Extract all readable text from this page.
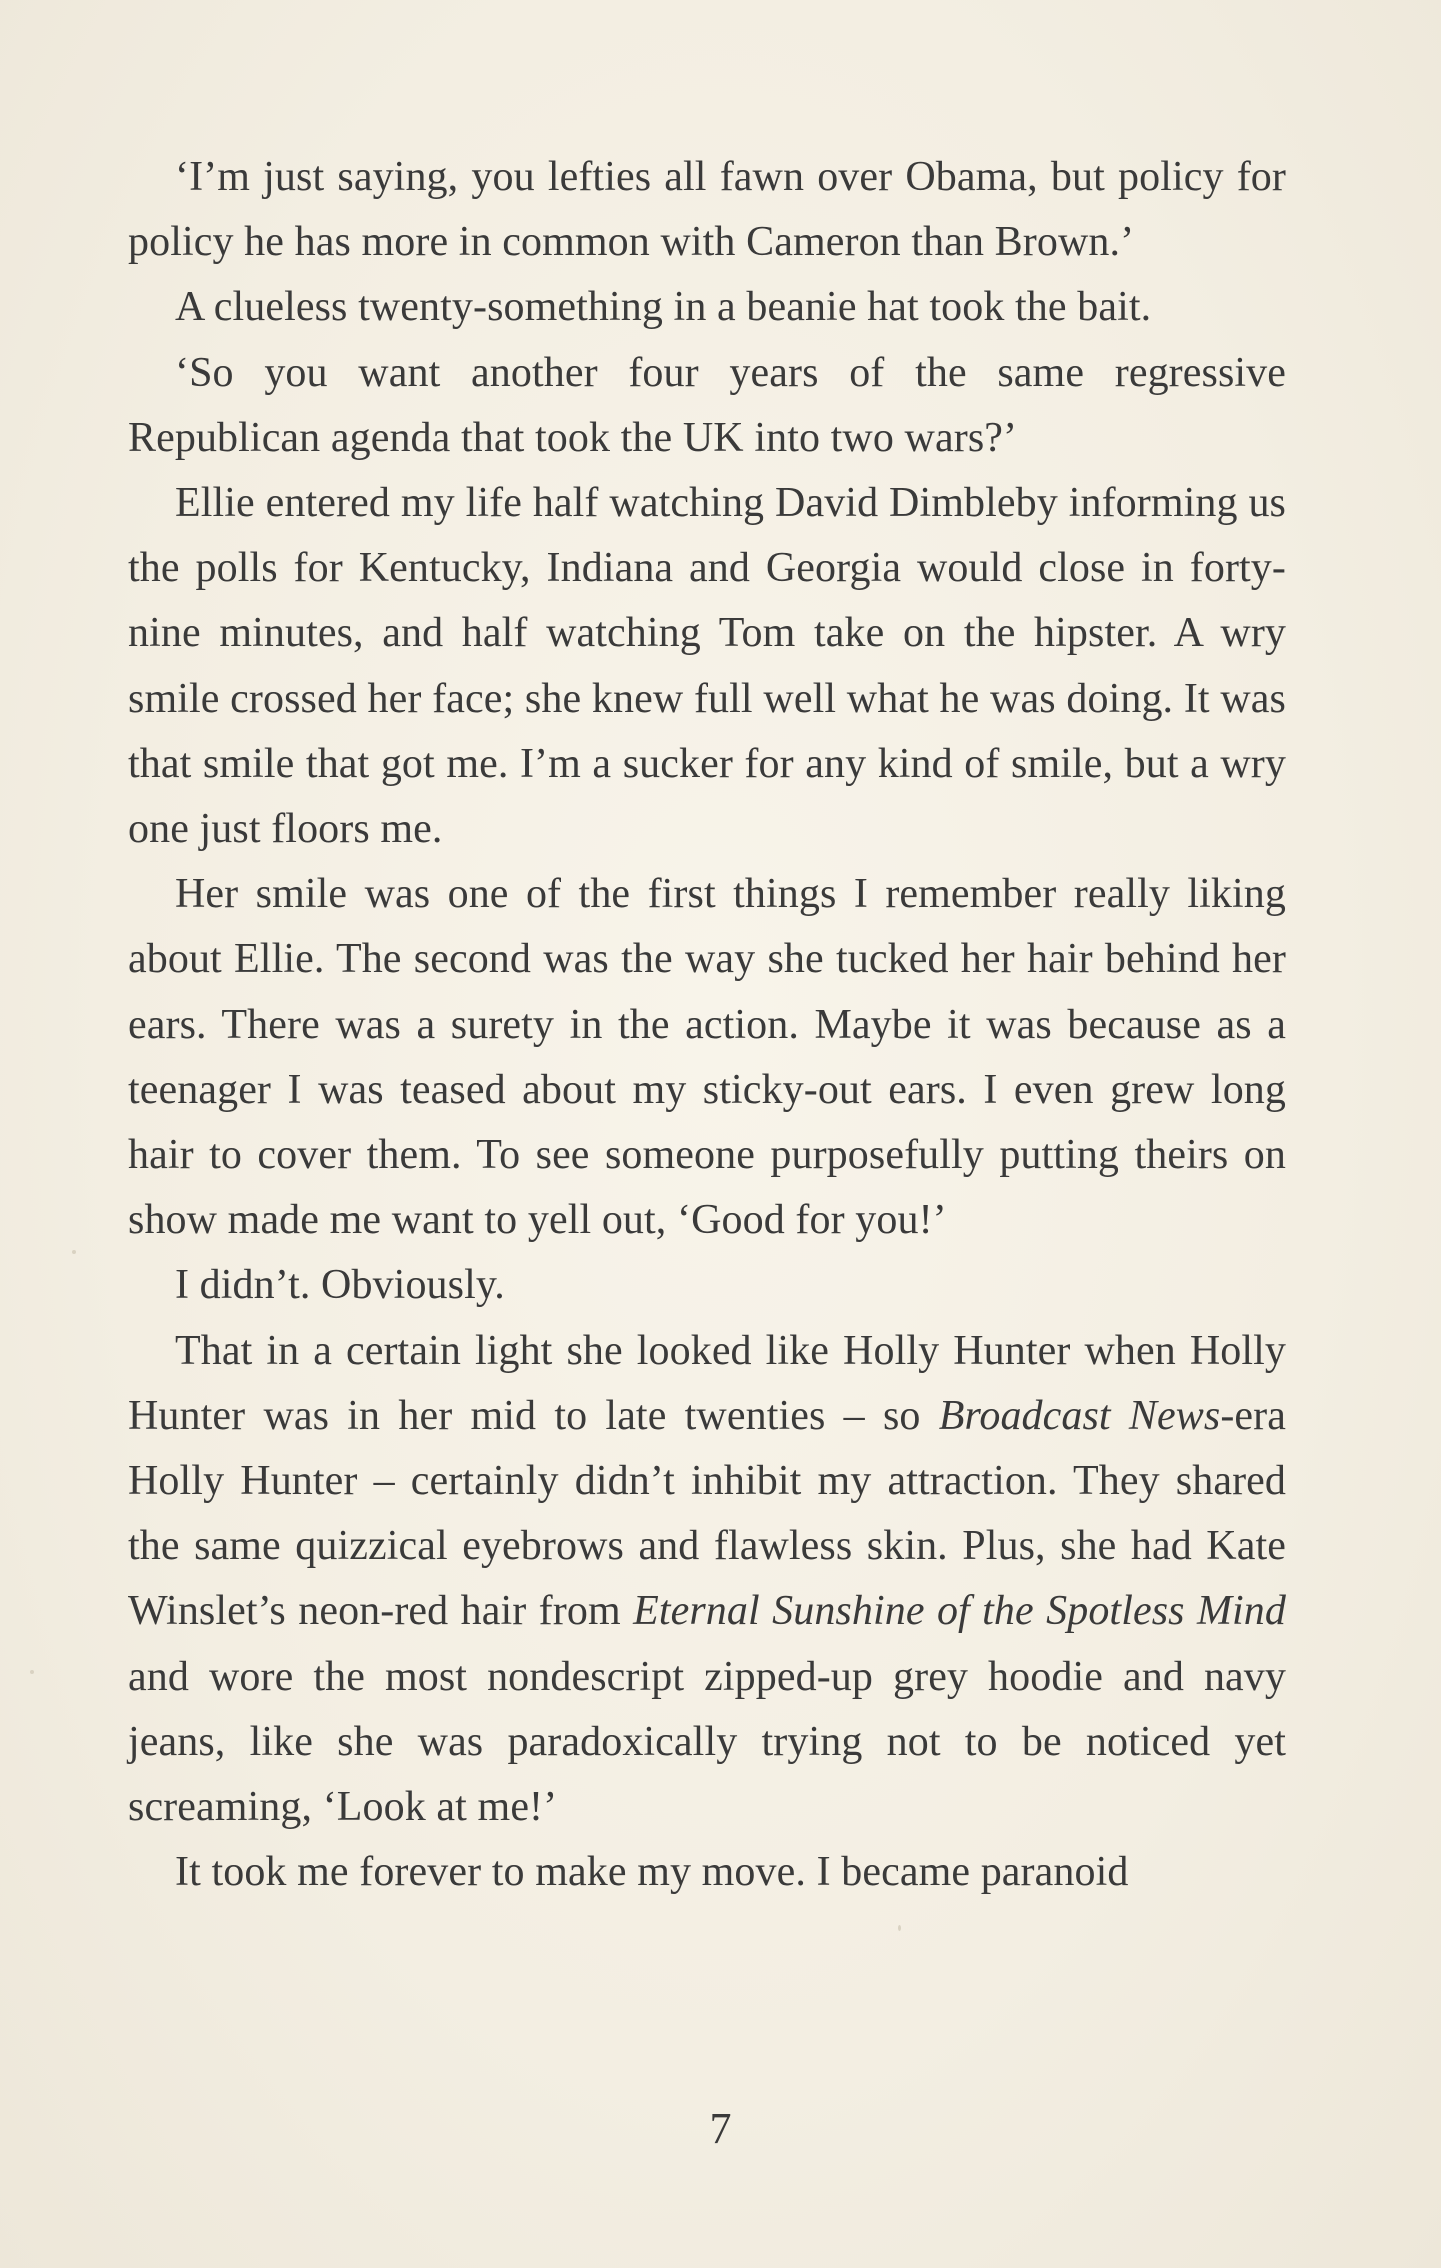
‘I’m just saying, you lefties all fawn over Obama, but policy for policy he has more in common with Cameron than Brown.’

A clueless twenty-something in a beanie hat took the bait.

‘So you want another four years of the same regressive Republican agenda that took the UK into two wars?’

Ellie entered my life half watching David Dimbleby informing us the polls for Kentucky, Indiana and Georgia would close in forty-nine minutes, and half watching Tom take on the hipster. A wry smile crossed her face; she knew full well what he was doing. It was that smile that got me. I’m a sucker for any kind of smile, but a wry one just floors me.

Her smile was one of the first things I remember really liking about Ellie. The second was the way she tucked her hair behind her ears. There was a surety in the action. Maybe it was because as a teenager I was teased about my sticky-out ears. I even grew long hair to cover them. To see someone purposefully putting theirs on show made me want to yell out, ‘Good for you!’

I didn’t. Obviously.

That in a certain light she looked like Holly Hunter when Holly Hunter was in her mid to late twenties – so Broadcast News-era Holly Hunter – certainly didn’t inhibit my attraction. They shared the same quizzical eyebrows and flawless skin. Plus, she had Kate Winslet’s neon-red hair from Eternal Sunshine of the Spotless Mind and wore the most nondescript zipped-up grey hoodie and navy jeans, like she was paradoxically trying not to be noticed yet screaming, ‘Look at me!’

It took me forever to make my move. I became paranoid

7
